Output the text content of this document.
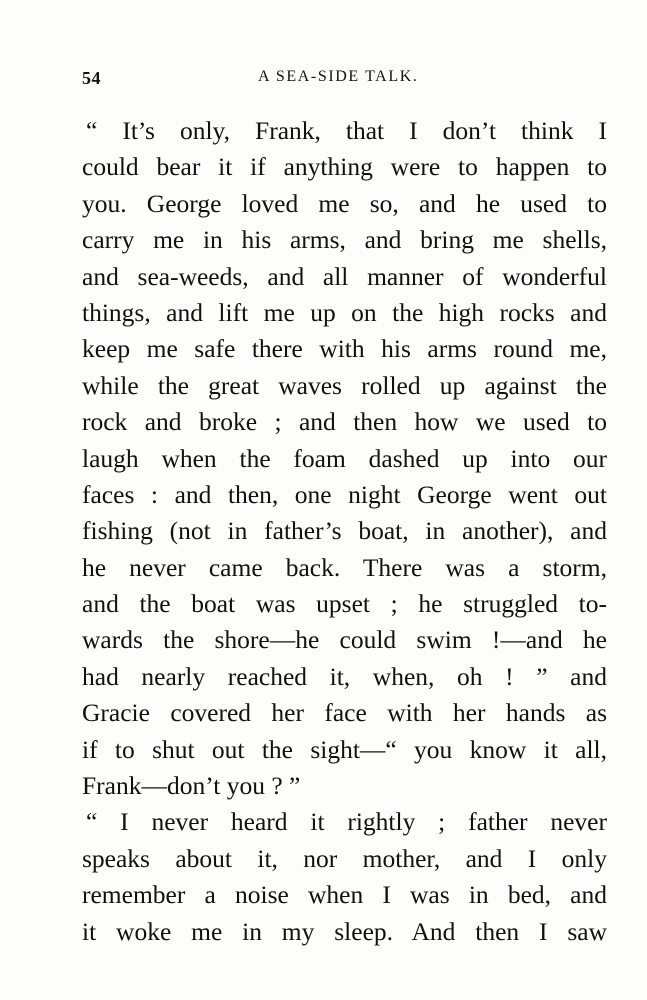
54	A SEA-SIDE TALK.
“ It’s only, Frank, that I don’t think I
could bear it if anything were to happen to
you. George loved me so, and he used to
carry me in his arms, and bring me shells,
and sea-weeds, and all manner of wonderful
things, and lift me up on the high rocks and
keep me safe there with his arms round me,
while the great waves rolled up against the
rock and broke ; and then how we used to
laugh when the foam dashed up into our
faces : and then, one night George went out
fishing (not in father’s boat, in another), and
he never came back. There was a storm,
and the boat was upset ; he struggled to-
wards the shore—he could swim !—and he
had nearly reached it, when, oh ! ” and
Gracie covered her face with her hands as
if to shut out the sight—“ you know it all,
Frank—don’t you ? ”
“ I never heard it rightly ; father never
speaks about it, nor mother, and I only
remember a noise when I was in bed, and
it woke me in my sleep. And then I saw
